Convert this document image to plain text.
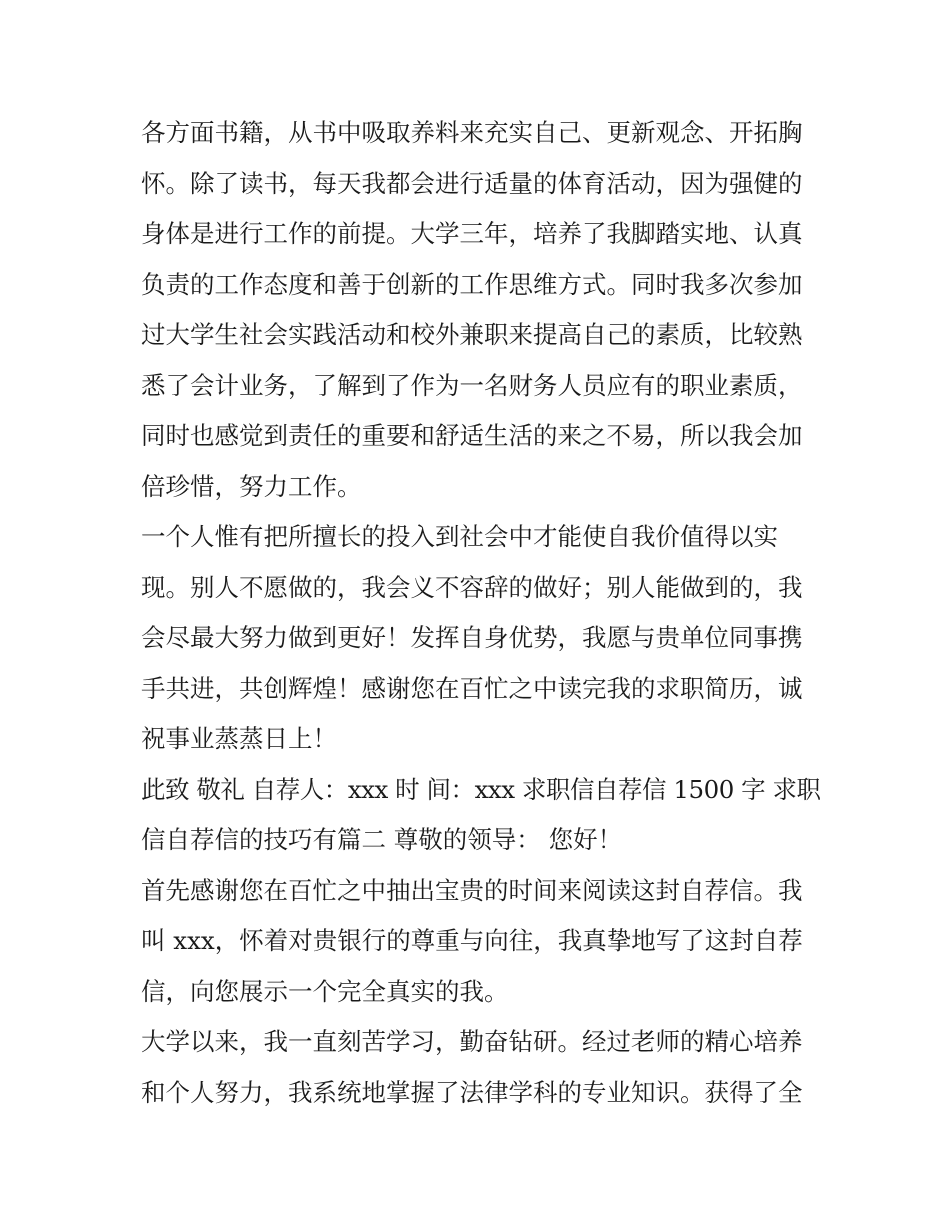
各方面书籍，从书中吸取养料来充实自己、更新观念、开拓胸
怀。除了读书，每天我都会进行适量的体育活动，因为强健的
身体是进行工作的前提。大学三年，培养了我脚踏实地、认真
负责的工作态度和善于创新的工作思维方式。同时我多次参加
过大学生社会实践活动和校外兼职来提高自己的素质，比较熟
悉了会计业务，了解到了作为一名财务人员应有的职业素质，
同时也感觉到责任的重要和舒适生活的来之不易，所以我会加
倍珍惜，努力工作。
一个人惟有把所擅长的投入到社会中才能使自我价值得以实
现。别人不愿做的，我会义不容辞的做好；别人能做到的，我
会尽最大努力做到更好！发挥自身优势，我愿与贵单位同事携
手共进，共创辉煌！感谢您在百忙之中读完我的求职简历，诚
祝事业蒸蒸日上！
此致 敬礼 自荐人：xxx 时 间：xxx 求职信自荐信 1500 字 求职
信自荐信的技巧有篇二 尊敬的领导： 您好！
首先感谢您在百忙之中抽出宝贵的时间来阅读这封自荐信。我
叫 xxx，怀着对贵银行的尊重与向往，我真挚地写了这封自荐
信，向您展示一个完全真实的我。
大学以来，我一直刻苦学习，勤奋钻研。经过老师的精心培养
和个人努力，我系统地掌握了法律学科的专业知识。获得了全
